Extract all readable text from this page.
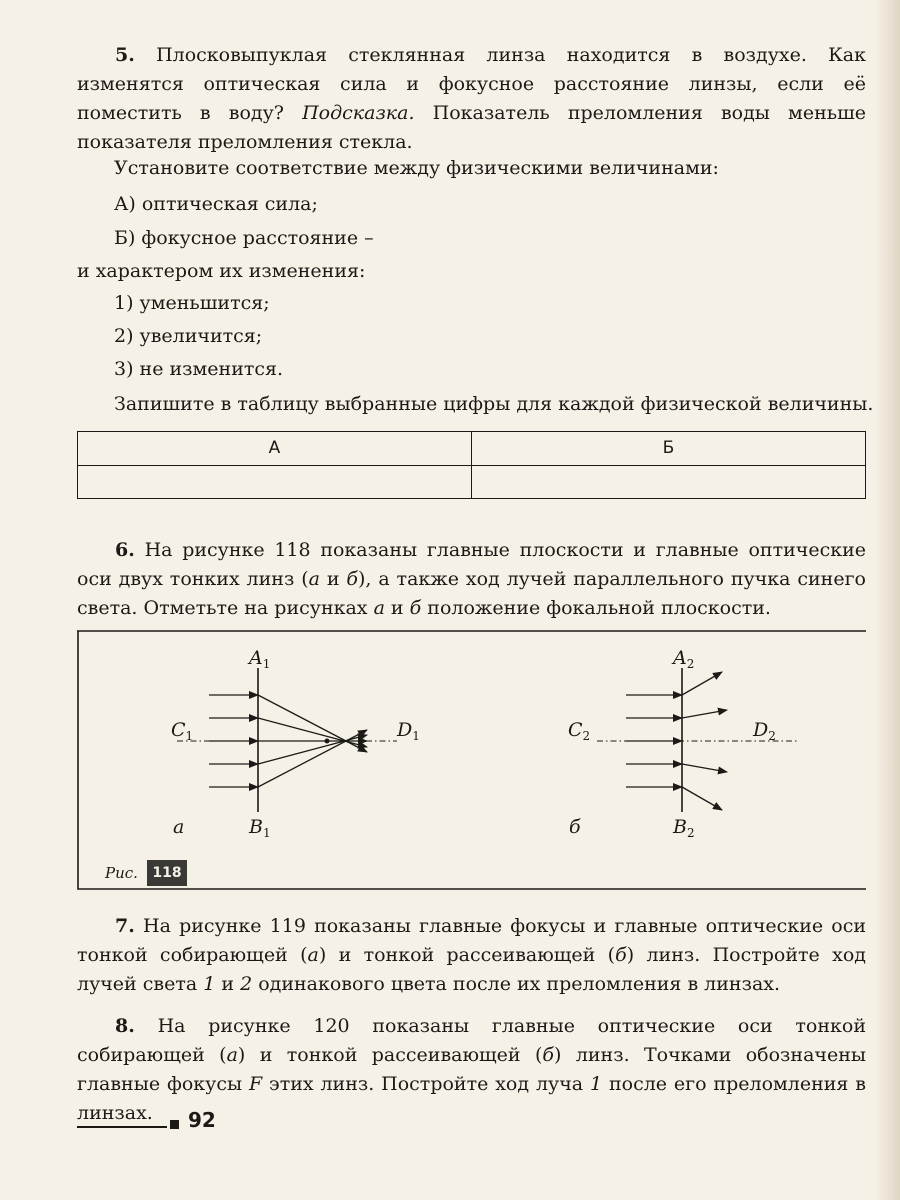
5. Плосковыпуклая стеклянная линза находится в воздухе. Как изменятся оптическая сила и фокусное расстояние линзы, если её поместить в воду? Подсказка. Показатель преломления воды меньше показателя преломления стекла.

Установите соответствие между физическими величинами:

А) оптическая сила;

Б) фокусное расстояние –

и характером их изменения:

1) уменьшится;

2) увеличится;

3) не изменится.

Запишите в таблицу выбранные цифры для каждой физической величины.

А	Б

6. На рисунке 118 показаны главные плоскости и главные оптические оси двух тонких линз (а и б), а также ход лучей параллельного пучка синего света. Отметьте на рисунках а и б положение фокальной плоскости.

$A_1$
$C_1$	$D_1$
$B_1$
а
$A_2$
$C_2$	$D_2$
$B_2$
б
Рис.	118

7. На рисунке 119 показаны главные фокусы и главные оптические оси тонкой собирающей (а) и тонкой рассеивающей (б) линз. Постройте ход лучей света 1 и 2 одинакового цвета после их преломления в линзах.

8. На рисунке 120 показаны главные оптические оси тонкой собирающей (а) и тонкой рассеивающей (б) линз. Точками обозначены главные фокусы F этих линз. Постройте ход луча 1 после его преломления в линзах.	92
